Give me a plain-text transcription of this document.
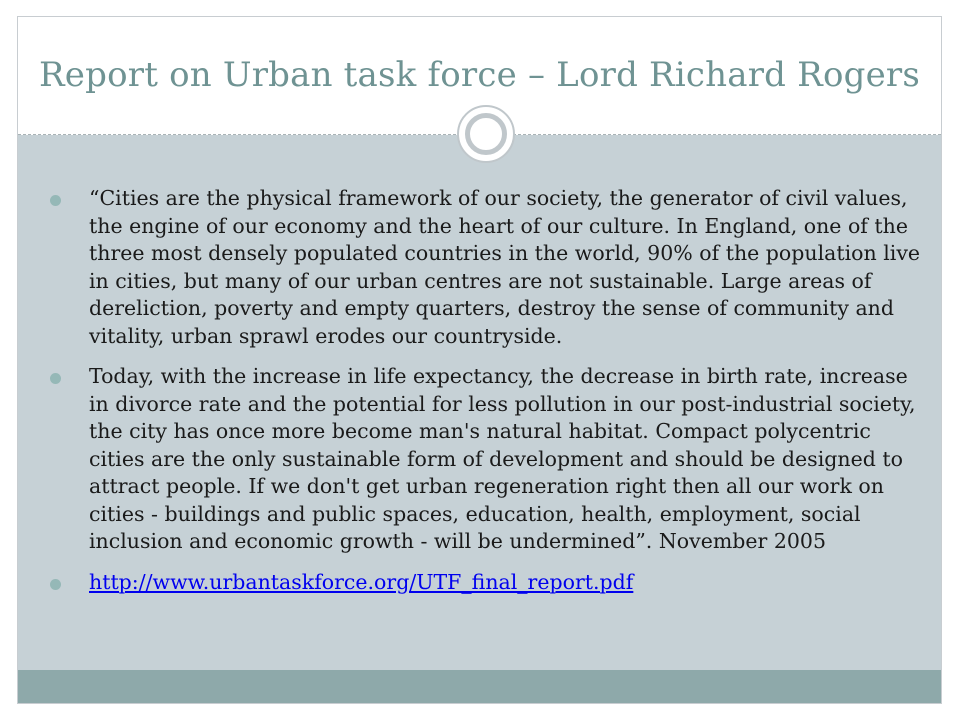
Report on Urban task force – Lord Richard Rogers
“Cities are the physical framework of our society, the generator of civil values, the engine of our economy and the heart of our culture. In England, one of the three most densely populated countries in the world, 90% of the population live in cities, but many of our urban centres are not sustainable. Large areas of dereliction, poverty and empty quarters, destroy the sense of community and vitality, urban sprawl erodes our countryside.
Today, with the increase in life expectancy, the decrease in birth rate, increase in divorce rate and the potential for less pollution in our post-industrial society, the city has once more become man's natural habitat. Compact polycentric cities are the only sustainable form of development and should be designed to attract people. If we don't get urban regeneration right then all our work on cities - buildings and public spaces, education, health, employment, social inclusion and economic growth - will be undermined”. November 2005
http://www.urbantaskforce.org/UTF_final_report.pdf
